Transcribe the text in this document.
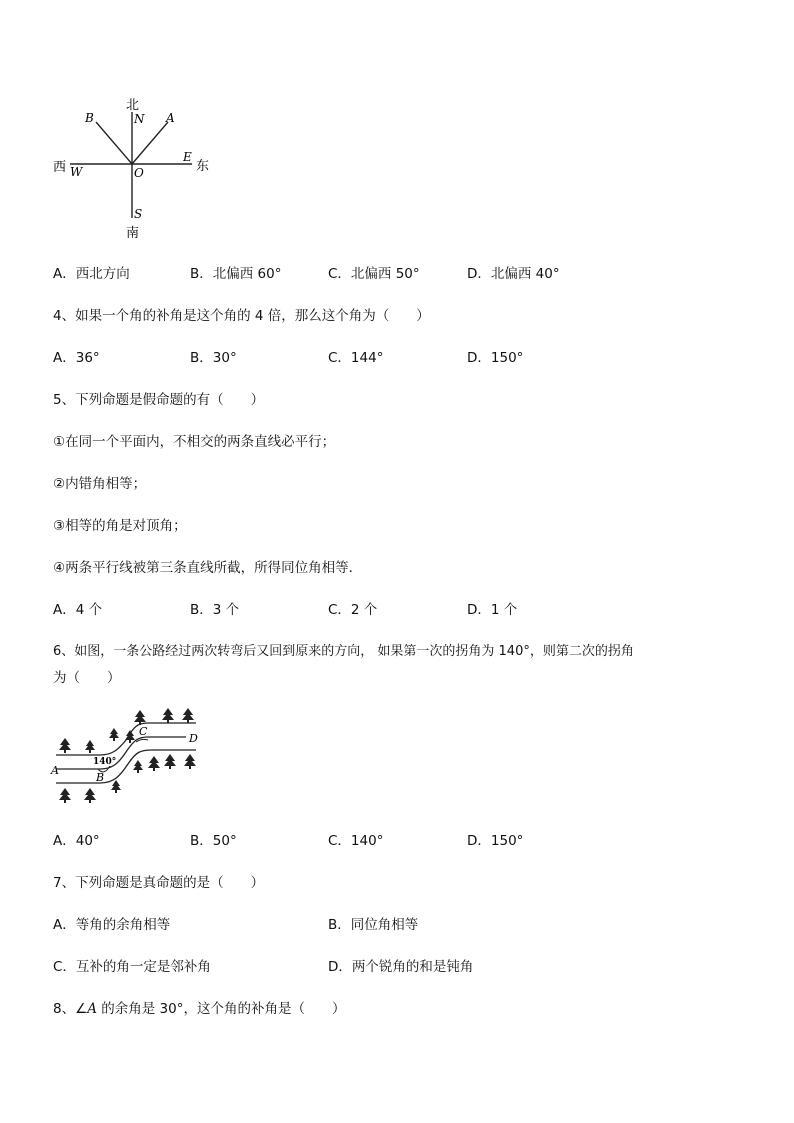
北
N A
B
西 W	O
E
东
S
南
A．西北方向	B．北偏西 60°	C．北偏西 50°	D．北偏西 40°
4、如果一个角的补角是这个角的 4 倍，那么这个角为（　　）
A．36°	B．30°	C．144°	D．150°
5、下列命题是假命题的有（　　）
①在同一个平面内，不相交的两条直线必平行；
②内错角相等；
③相等的角是对顶角；
④两条平行线被第三条直线所截，所得同位角相等．
A．4 个	B．3 个	C．2 个	D．1 个
6、如图，一条公路经过两次转弯后又回到原来的方向， 如果第一次的拐角为 140°，则第二次的拐角
为（　　）
A
B
C
D
140°
A．40°	B．50°	C．140°	D．150°
7、下列命题是真命题的是（　　）
A．等角的余角相等	B．同位角相等
C．互补的角一定是邻补角	D．两个锐角的和是钝角
8、∠A 的余角是 30°，这个角的补角是（　　）
